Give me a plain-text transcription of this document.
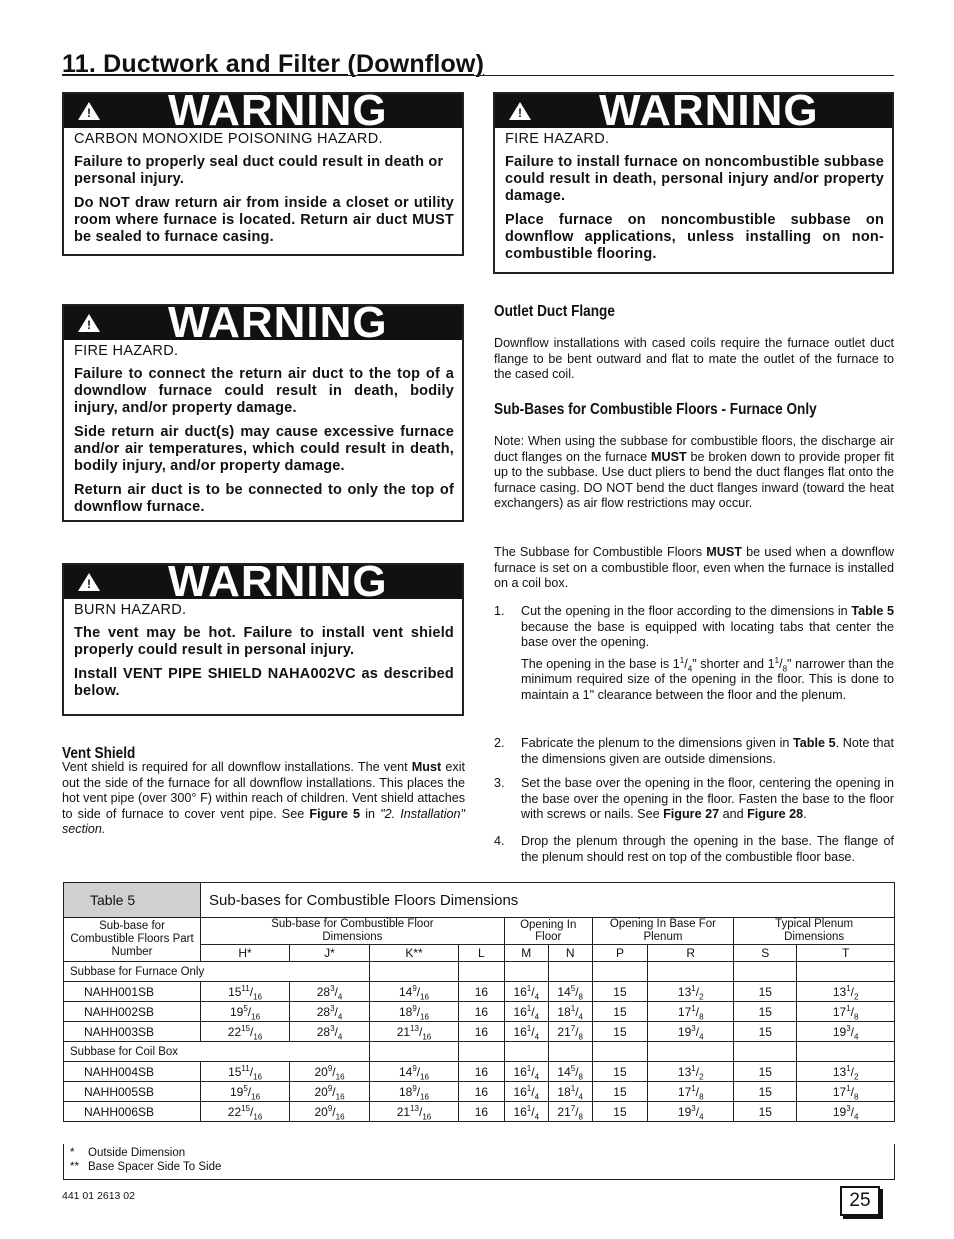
11. Ductwork and Filter (Downflow)
!
WARNING
CARBON MONOXIDE POISONING HAZARD.

Failure to properly seal duct could result in death or personal injury.

Do NOT draw return air from inside a closet or utility room where furnace is located. Return air duct MUST be sealed to furnace casing.

!
WARNING
FIRE HAZARD.

Failure to install furnace on noncombustible subbase could result in death, personal injury and/or property damage.

Place furnace on noncombustible subbase on downflow applications, unless installing on non-combustible flooring.

!
WARNING
FIRE HAZARD.

Failure to connect the return air duct to the top of a downdlow furnace could result in death, bodily injury, and/or property damage.

Side return air duct(s) may cause excessive furnace and/or air temperatures, which could result in death, bodily injury, and/or property damage.

Return air duct is to be connected to only the top of downflow furnace.

!
WARNING
BURN HAZARD.

The vent may be hot. Failure to install vent shield properly could result in personal injury.

Install VENT PIPE SHIELD NAHA002VC as described below.

Vent Shield

Vent shield is required for all downflow installations. The vent Must exit out the side of the furnace for all downflow installations. This places the hot vent pipe (over 300° F) within reach of children. Vent shield attaches to side of furnace to cover vent pipe. See Figure 5 in "2. Installation" section.

Outlet Duct Flange

Downflow installations with cased coils require the furnace outlet duct flange to be bent outward and flat to mate the outlet of the furnace to the cased coil.

Sub-Bases for Combustible Floors - Furnace Only

Note: When using the subbase for combustible floors, the discharge air duct flanges on the furnace MUST be broken down to provide proper fit up to the subbase. Use duct pliers to bend the duct flanges flat onto the furnace casing. DO NOT bend the duct flanges inward (toward the heat exchangers) as air flow restrictions may occur.

The Subbase for Combustible Floors MUST be used when a downflow furnace is set on a combustible floor, even when the furnace is installed on a coil box.

1. Cut the opening in the floor according to the dimensions in Table 5 because the base is equipped with locating tabs that center the base over the opening.

The opening in the base is $1^1/_4$" shorter and $1^1/_8$" narrower than the minimum required size of the opening in the floor. This is done to maintain a 1" clearance between the floor and the plenum.

2. Fabricate the plenum to the dimensions given in Table 5. Note that the dimensions given are outside dimensions.
3. Set the base over the opening in the floor, centering the opening in the base over the opening in the floor. Fasten the base to the floor with screws or nails. See Figure 27 and Figure 28.
4. Drop the plenum through the opening in the base. The flange of the plenum should rest on top of the combustible floor base.
Table 5	Sub-bases for Combustible Floors Dimensions									
Sub-base for Combustible Floors Part Number	Sub-base for Combustible Floor Dimensions				Opening In Floor		Opening In Base For Plenum		Typical Plenum Dimensions	
	H*	J*	K**	L	M	N	P	R	S	T
Subbase for Furnace Only										
NAHH001SB	$15^{11}/_{16}$	$28^3/_4$	$14^9/_{16}$	16	$16^1/_4$	$14^5/_8$	15	$13^1/_2$	15	$13^1/_2$
NAHH002SB	$19^5/_{16}$	$28^3/_4$	$18^9/_{16}$	16	$16^1/_4$	$18^1/_4$	15	$17^1/_8$	15	$17^1/_8$
NAHH003SB	$22^{15}/_{16}$	$28^3/_4$	$21^{13}/_{16}$	16	$16^1/_4$	$21^7/_8$	15	$19^3/_4$	15	$19^3/_4$
Subbase for Coil Box										
NAHH004SB	$15^{11}/_{16}$	$20^9/_{16}$	$14^9/_{16}$	16	$16^1/_4$	$14^5/_8$	15	$13^1/_2$	15	$13^1/_2$
NAHH005SB	$19^5/_{16}$	$20^9/_{16}$	$18^9/_{16}$	16	$16^1/_4$	$18^1/_4$	15	$17^1/_8$	15	$17^1/_8$
NAHH006SB	$22^{15}/_{16}$	$20^9/_{16}$	$21^{13}/_{16}$	16	$16^1/_4$	$21^7/_8$	15	$19^3/_4$	15	$19^3/_4$
* Outside Dimension
** Base Spacer Side To Side
441 01 2613 02	25
